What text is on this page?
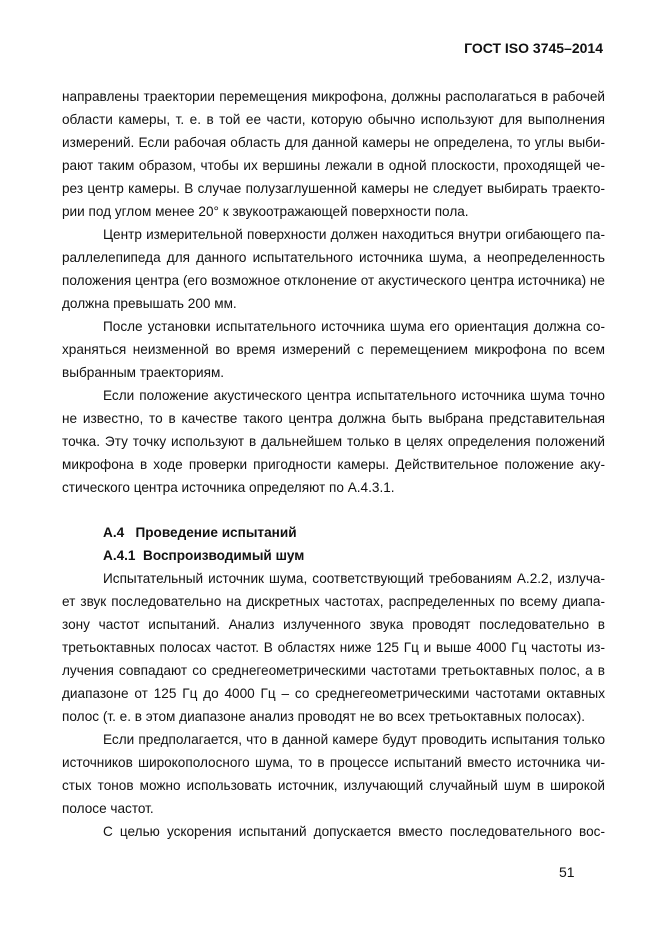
ГОСТ ISO 3745–2014
направлены траектории перемещения микрофона, должны располагаться в рабочей
области камеры, т. е. в той ее части, которую обычно используют для выполнения
измерений. Если рабочая область для данной камеры не определена, то углы выби-
рают таким образом, чтобы их вершины лежали в одной плоскости, проходящей че-
рез центр камеры. В случае полузаглушенной камеры не следует выбирать траекто-
рии под углом менее 20° к звукоотражающей поверхности пола.
Центр измерительной поверхности должен находиться внутри огибающего па-
раллелепипеда для данного испытательного источника шума, а неопределенность
положения центра (его возможное отклонение от акустического центра источника) не
должна превышать 200 мм.
После установки испытательного источника шума его ориентация должна со-
храняться неизменной во время измерений с перемещением микрофона по всем
выбранным траекториям.
Если положение акустического центра испытательного источника шума точно
не известно, то в качестве такого центра должна быть выбрана представительная
точка. Эту точку используют в дальнейшем только в целях определения положений
микрофона в ходе проверки пригодности камеры. Действительное положение аку-
стического центра источника определяют по А.4.3.1.
А.4   Проведение испытаний
А.4.1  Воспроизводимый шум
Испытательный источник шума, соответствующий требованиям А.2.2, излуча-
ет звук последовательно на дискретных частотах, распределенных по всему диапа-
зону частот испытаний. Анализ излученного звука проводят последовательно в
третьоктавных полосах частот. В областях ниже 125 Гц и выше 4000 Гц частоты из-
лучения совпадают со среднегеометрическими частотами третьоктавных полос, а в
диапазоне от 125 Гц до 4000 Гц – со среднегеометрическими частотами октавных
полос (т. е. в этом диапазоне анализ проводят не во всех третьоктавных полосах).
Если предполагается, что в данной камере будут проводить испытания только
источников широкополосного шума, то в процессе испытаний вместо источника чи-
стых тонов можно использовать источник, излучающий случайный шум в широкой
полосе частот.
С целью ускорения испытаний допускается вместо последовательного вос-
51
